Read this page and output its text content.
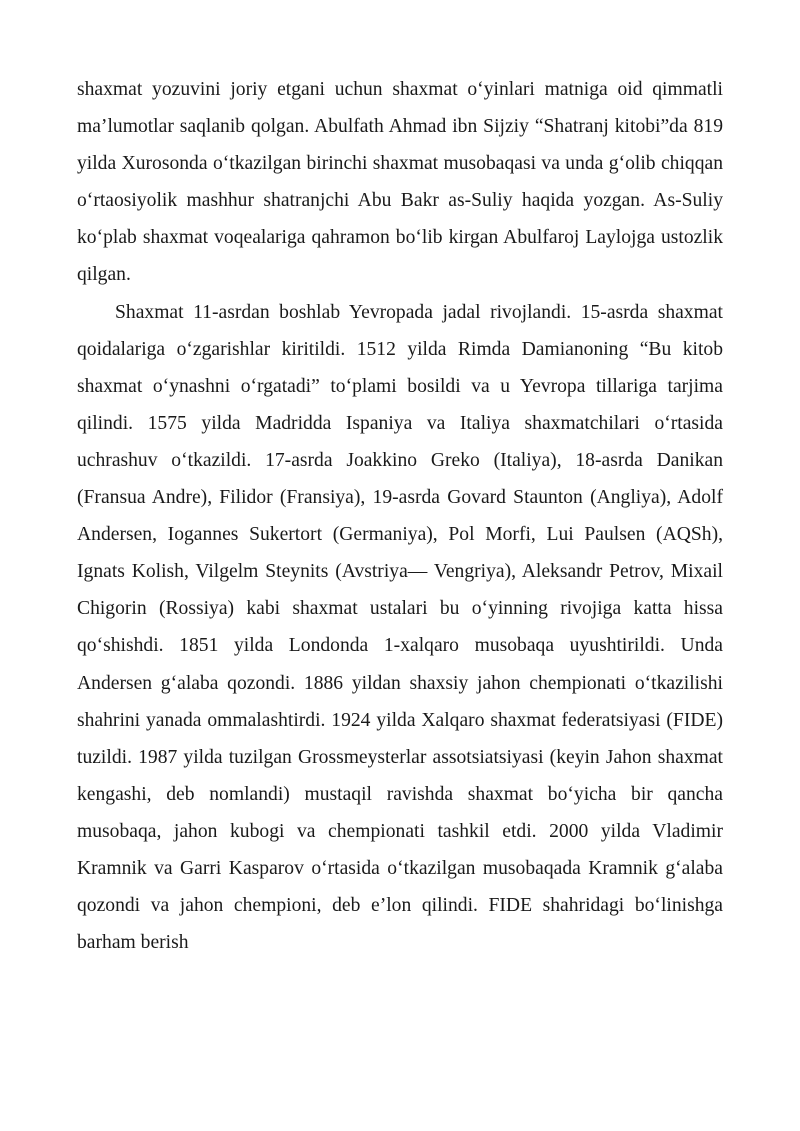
shaxmat yozuvini joriy etgani uchun shaxmat o‘yinlari matniga oid qimmatli ma’lumotlar saqlanib qolgan. Abulfath Ahmad ibn Sijziy “Shatranj kitobi”da 819 yilda Xurosonda o‘tkazilgan birinchi shaxmat musobaqasi va unda g‘olib chiqqan o‘rtaosiyolik mashhur shatranjchi Abu Bakr as-Suliy haqida yozgan. As-Suliy ko‘plab shaxmat voqealariga qahramon bo‘lib kirgan Abulfaroj Laylojga ustozlik qilgan.

Shaxmat 11-asrdan boshlab Yevropada jadal rivojlandi. 15-asrda shaxmat qoidalariga o‘zgarishlar kiritildi. 1512 yilda Rimda Damianoning “Bu kitob shaxmat o‘ynashni o‘rgatadi” to‘plami bosildi va u Yevropa tillariga tarjima qilindi. 1575 yilda Madridda Ispaniya va Italiya shaxmatchilari o‘rtasida uchrashuv o‘tkazildi. 17-asrda Joakkino Greko (Italiya), 18-asrda Danikan (Fransua Andre), Filidor (Fransiya), 19-asrda Govard Staunton (Angliya), Adolf Andersen, Iogannes Sukertort (Germaniya), Pol Morfi, Lui Paulsen (AQSh), Ignats Kolish, Vilgelm Steynits (Avstriya— Vengriya), Aleksandr Petrov, Mixail Chigorin (Rossiya) kabi shaxmat ustalari bu o‘yinning rivojiga katta hissa qo‘shishdi. 1851 yilda Londonda 1-xalqaro musobaqa uyushtirildi. Unda Andersen g‘alaba qozondi. 1886 yildan shaxsiy jahon chempionati o‘tkazilishi shahrini yanada ommalashtirdi. 1924 yilda Xalqaro shaxmat federatsiyasi (FIDE) tuzildi. 1987 yilda tuzilgan Grossmeysterlar assotsiatsiyasi (keyin Jahon shaxmat kengashi, deb nomlandi) mustaqil ravishda shaxmat bo‘yicha bir qancha musobaqa, jahon kubogi va chempionati tashkil etdi. 2000 yilda Vladimir Kramnik va Garri Kasparov o‘rtasida o‘tkazilgan musobaqada Kramnik g‘alaba qozondi va jahon chempioni, deb e’lon qilindi. FIDE shahridagi bo‘linishga barham berish
